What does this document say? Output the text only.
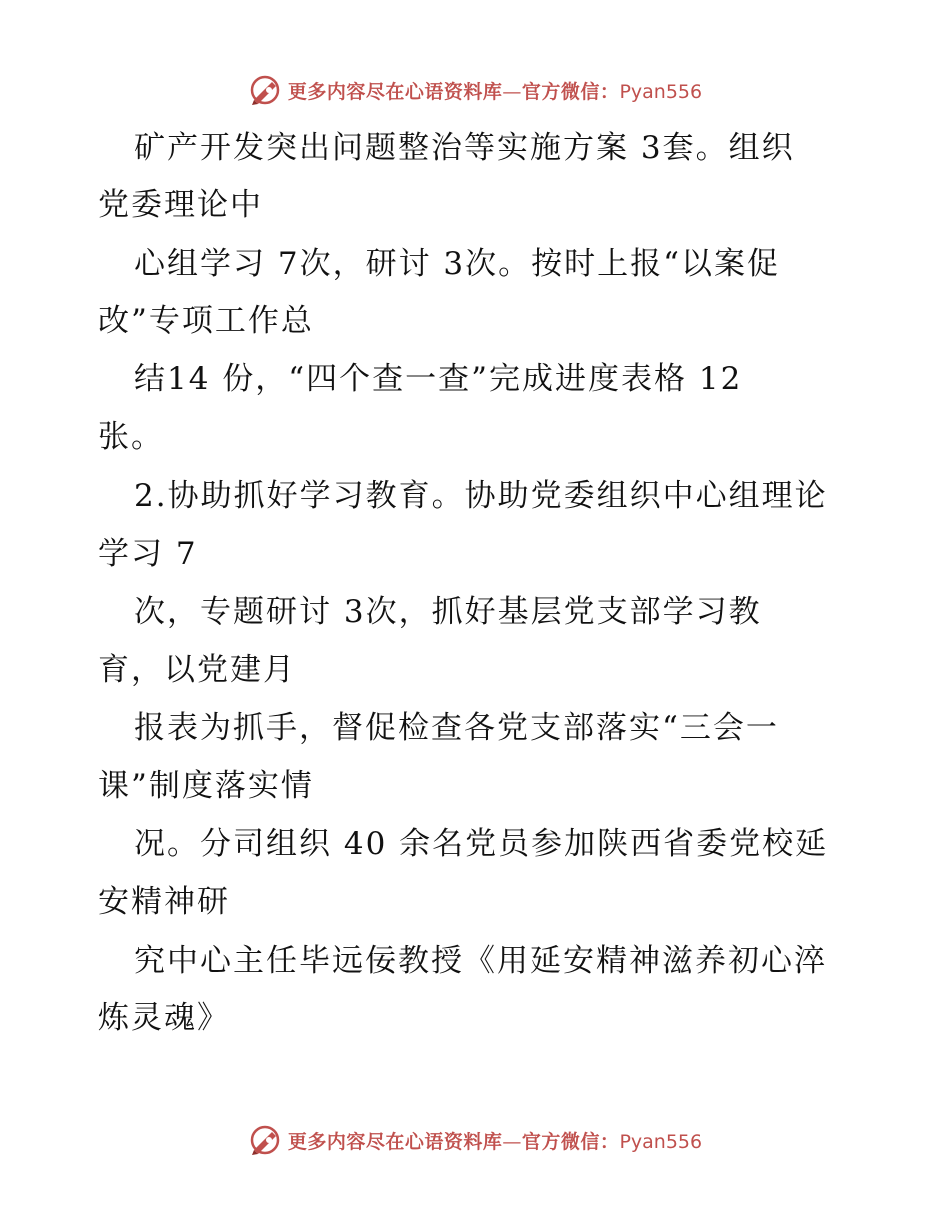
更多内容尽在心语资料库—官方微信：Pyan556
矿产开发突出问题整治等实施方案 3套。组织
党委理论中
心组学习 7次，研讨 3次。按时上报“以案促
改”专项工作总
结14 份，“四个查一查”完成进度表格 12
张。
2.协助抓好学习教育。协助党委组织中心组理论
学习 7
次，专题研讨 3次，抓好基层党支部学习教
育，以党建月
报表为抓手，督促检查各党支部落实“三会一
课”制度落实情
况。分司组织 40 余名党员参加陕西省委党校延
安精神研
究中心主任毕远佞教授《用延安精神滋养初心淬
炼灵魂》
更多内容尽在心语资料库—官方微信：Pyan556
